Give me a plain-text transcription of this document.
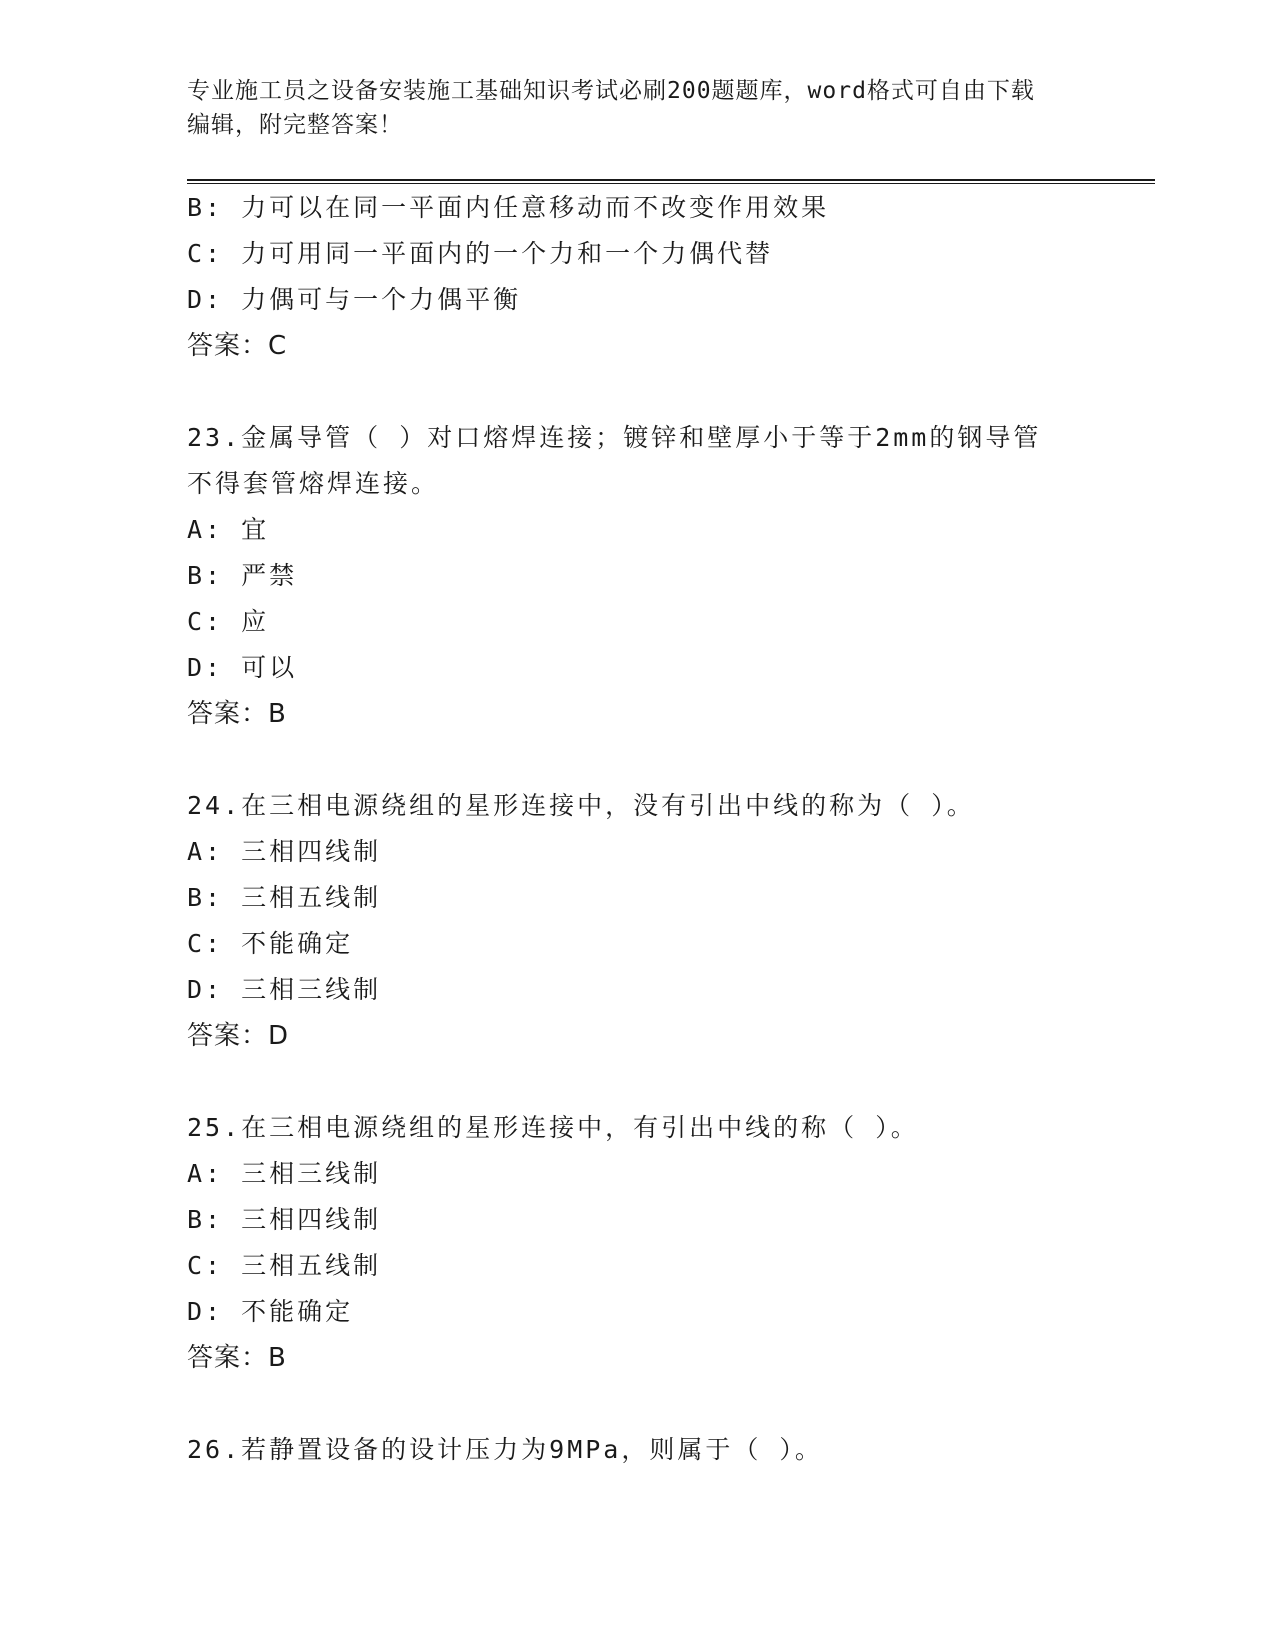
专业施工员之设备安装施工基础知识考试必刷200题题库，word格式可自由下载
编辑，附完整答案！
B: 力可以在同一平面内任意移动而不改变作用效果
C: 力可用同一平面内的一个力和一个力偶代替
D: 力偶可与一个力偶平衡
答案：C
23.金属导管（ ）对口熔焊连接；镀锌和壁厚小于等于2mm的钢导管
不得套管熔焊连接。
A: 宜
B: 严禁
C: 应
D: 可以
答案：B
24.在三相电源绕组的星形连接中，没有引出中线的称为（ ）。
A: 三相四线制
B: 三相五线制
C: 不能确定
D: 三相三线制
答案：D
25.在三相电源绕组的星形连接中，有引出中线的称（ ）。
A: 三相三线制
B: 三相四线制
C: 三相五线制
D: 不能确定
答案：B
26.若静置设备的设计压力为9MPa，则属于（ ）。
